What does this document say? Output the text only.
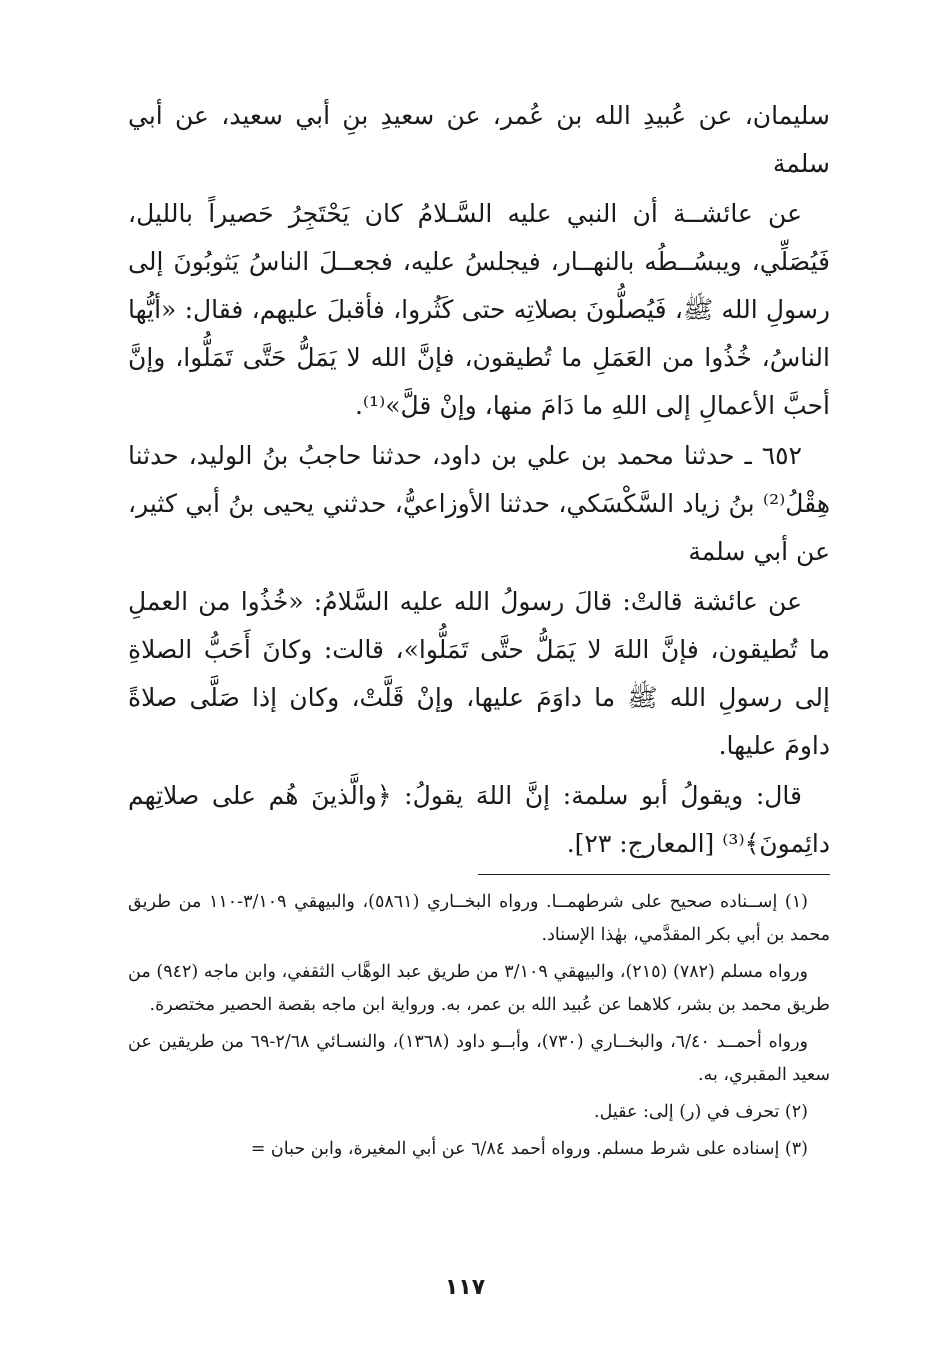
سليمان، عن عُبيدِ الله بن عُمر، عن سعيدِ بنِ أبي سعيد، عن أبي سلمة

عن عائشــة أن النبي عليه السَّـلامُ كان يَحْتَجِرُ حَصيراً بالليل، فَيُصَلِّي، ويبسُــطُه بالنهــار، فيجلسُ عليه، فجعــلَ الناسُ يَثوبُونَ إلى رسولِ الله ﷺ، فَيُصلُّونَ بصلاتِه حتى كَثُروا، فأقبلَ عليهم، فقال: «أيُّها الناسُ، خُذُوا من العَمَلِ ما تُطيقون، فإنَّ الله لا يَمَلُّ حَتَّى تَمَلُّوا، وإنَّ أحبَّ الأعمالِ إلى اللهِ ما دَامَ منها، وإنْ قلَّ»⁽¹⁾.

٦٥٢ ـ حدثنا محمد بن علي بن داود، حدثنا حاجبُ بنُ الوليد، حدثنا هِقْلُ⁽²⁾ بنُ زياد السَّكْسَكي، حدثنا الأوزاعيُّ، حدثني يحيى بنُ أبي كثير، عن أبي سلمة

عن عائشة قالتْ: قالَ رسولُ الله عليه السَّلامُ: «خُذُوا من العملِ ما تُطيقون، فإنَّ اللهَ لا يَمَلُّ حتَّى تَمَلُّوا»، قالت: وكانَ أَحَبُّ الصلاةِ إلى رسولِ الله ﷺ ما داوَمَ عليها، وإنْ قَلَّتْ، وكان إذا صَلَّى صلاةً داومَ عليها.

قال: ويقولُ أبو سلمة: إنَّ اللهَ يقولُ: ﴿والَّذينَ هُم على صلاتِهم دائِمونَ﴾⁽³⁾ [المعارج: ٢٣].

(١) إســناده صحيح على شرطهمــا. ورواه البخــاري (٥٨٦١)، والبيهقي ٣/١٠٩-١١٠ من طريق محمد بن أبي بكر المقدَّمي، بهٰذا الإسناد.

ورواه مسلم (٧٨٢) (٢١٥)، والبيهقي ٣/١٠٩ من طريق عبد الوهَّاب الثقفي، وابن ماجه (٩٤٢) من طريق محمد بن بشر، كلاهما عن عُبيد الله بن عمر، به. ورواية ابن ماجه بقصة الحصير مختصرة.

ورواه أحمــد ٦/٤٠، والبخــاري (٧٣٠)، وأبــو داود (١٣٦٨)، والنسـائي ٢/٦٨-٦٩ من طريقين عن سعيد المقبري، به.

(٢) تحرف في (ر) إلى: عقيل.

(٣) إسناده على شرط مسلم. ورواه أحمد ٦/٨٤ عن أبي المغيرة، وابن حبان =

١١٧
